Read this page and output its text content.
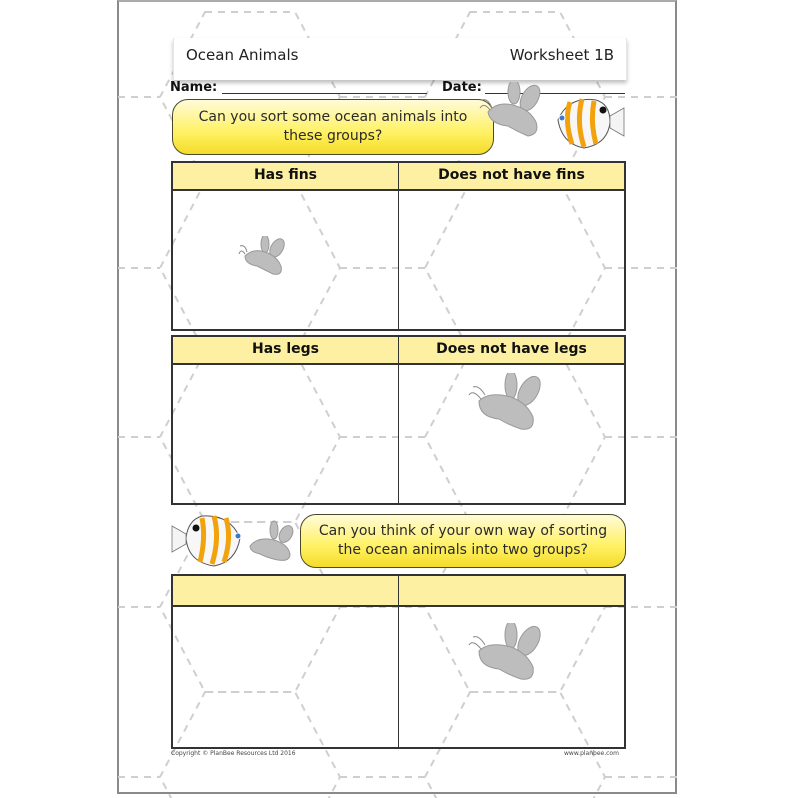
Ocean Animals	Worksheet 1B
Name:	Date:
Can you sort some ocean animals into
these groups?
Has fins	Does not have fins
Has legs	Does not have legs
Can you think of your own way of sorting
the ocean animals into two groups?
Copyright © PlanBee Resources Ltd 2016	www.planbee.com
